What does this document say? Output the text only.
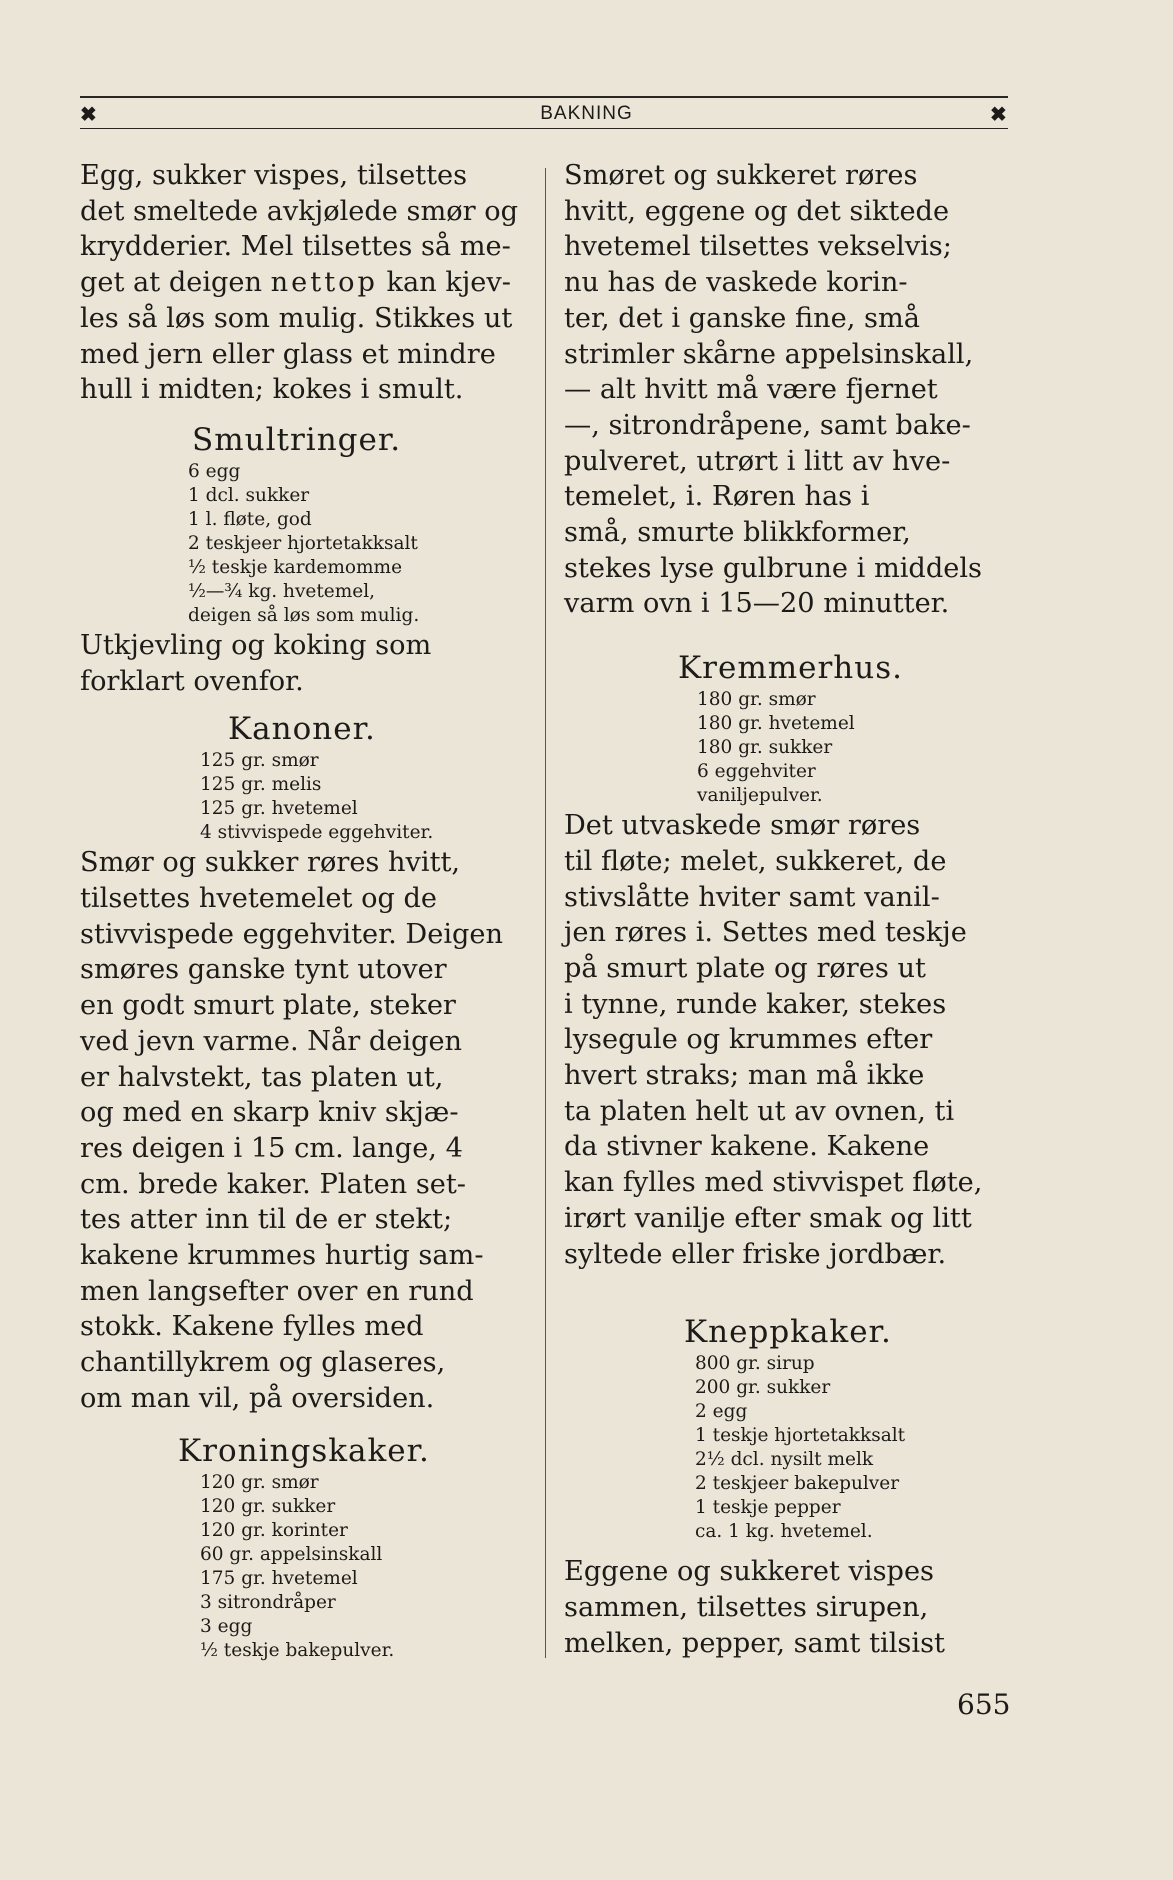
✖	BAKNING	✖
Egg, sukker vispes, tilsettes
det smeltede avkjølede smør og
krydderier. Mel tilsettes så me-
get at deigen nettop kan kjev-
les så løs som mulig. Stikkes ut
med jern eller glass et mindre
hull i midten; kokes i smult.
Smultringer.
6 egg
1 dcl. sukker
1 l. fløte, god
2 teskjeer hjortetakksalt
½ teskje kardemomme
½—¾ kg. hvetemel,
deigen så løs som mulig.
Utkjevling og koking som
forklart ovenfor.
Kanoner.
125 gr. smør
125 gr. melis
125 gr. hvetemel
4 stivvispede eggehviter.
Smør og sukker røres hvitt,
tilsettes hvetemelet og de
stivvispede eggehviter. Deigen
smøres ganske tynt utover
en godt smurt plate, steker
ved jevn varme. Når deigen
er halvstekt, tas platen ut,
og med en skarp kniv skjæ-
res deigen i 15 cm. lange, 4
cm. brede kaker. Platen set-
tes atter inn til de er stekt;
kakene krummes hurtig sam-
men langsefter over en rund
stokk. Kakene fylles med
chantillykrem og glaseres,
om man vil, på oversiden.
Kroningskaker.
120 gr. smør
120 gr. sukker
120 gr. korinter
60 gr. appelsinskall
175 gr. hvetemel
3 sitrondråper
3 egg
½ teskje bakepulver.
Smøret og sukkeret røres
hvitt, eggene og det siktede
hvetemel tilsettes vekselvis;
nu has de vaskede korin-
ter, det i ganske fine, små
strimler skårne appelsinskall,
— alt hvitt må være fjernet
—, sitrondråpene, samt bake-
pulveret, utrørt i litt av hve-
temelet, i. Røren has i
små, smurte blikkformer,
stekes lyse gulbrune i middels
varm ovn i 15—20 minutter.
Kremmerhus.
180 gr. smør
180 gr. hvetemel
180 gr. sukker
6 eggehviter
vaniljepulver.
Det utvaskede smør røres
til fløte; melet, sukkeret, de
stivslåtte hviter samt vanil-
jen røres i. Settes med teskje
på smurt plate og røres ut
i tynne, runde kaker, stekes
lysegule og krummes efter
hvert straks; man må ikke
ta platen helt ut av ovnen, ti
da stivner kakene. Kakene
kan fylles med stivvispet fløte,
irørt vanilje efter smak og litt
syltede eller friske jordbær.
Kneppkaker.
800 gr. sirup
200 gr. sukker
2 egg
1 teskje hjortetakksalt
2½ dcl. nysilt melk
2 teskjeer bakepulver
1 teskje pepper
ca. 1 kg. hvetemel.
Eggene og sukkeret vispes
sammen, tilsettes sirupen,
melken, pepper, samt tilsist
655
